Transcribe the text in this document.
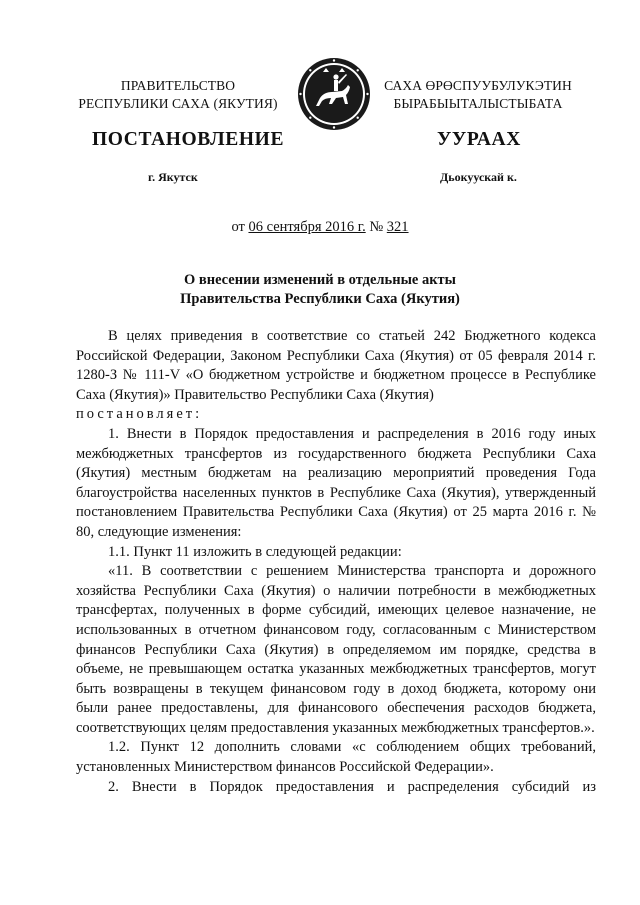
ПРАВИТЕЛЬСТВО
РЕСПУБЛИКИ САХА (ЯКУТИЯ)
САХА ӨРӨСПУУБУЛУКЭТИН
БЫРАБЫЫТАЛЫСТЫБАТА
ПОСТАНОВЛЕНИЕ	УУРААХ
г. Якутск	Дьокуускай к.
от 06 сентября 2016 г. № 321
О внесении изменений в отдельные акты
Правительства Республики Саха (Якутия)

В целях приведения в соответствие со статьей 242 Бюджетного кодекса Российской Федерации, Законом Республики Саха (Якутия) от 05 февраля 2014 г. 1280-З № 111-V «О бюджетном устройстве и бюджетном процессе в Республике Саха (Якутия)» Правительство Республики Саха (Якутия)

постановляет:

1. Внести в Порядок предоставления и распределения в 2016 году иных межбюджетных трансфертов из государственного бюджета Республики Саха (Якутия) местным бюджетам на реализацию мероприятий проведения Года благоустройства населенных пунктов в Республике Саха (Якутия), утвержденный постановлением Правительства Республики Саха (Якутия) от 25 марта 2016 г. № 80, следующие изменения:

1.1. Пункт 11 изложить в следующей редакции:

«11. В соответствии с решением Министерства транспорта и дорожного хозяйства Республики Саха (Якутия) о наличии потребности в межбюджетных трансфертах, полученных в форме субсидий, имеющих целевое назначение, не использованных в отчетном финансовом году, согласованным с Министерством финансов Республики Саха (Якутия) в определяемом им порядке, средства в объеме, не превышающем остатка указанных межбюджетных трансфертов, могут быть возвращены в текущем финансовом году в доход бюджета, которому они были ранее предоставлены, для финансового обеспечения расходов бюджета, соответствующих целям предоставления указанных межбюджетных трансфертов.».

1.2. Пункт 12 дополнить словами «с соблюдением общих требований, установленных Министерством финансов Российской Федерации».

2. Внести в Порядок предоставления и распределения субсидий из
